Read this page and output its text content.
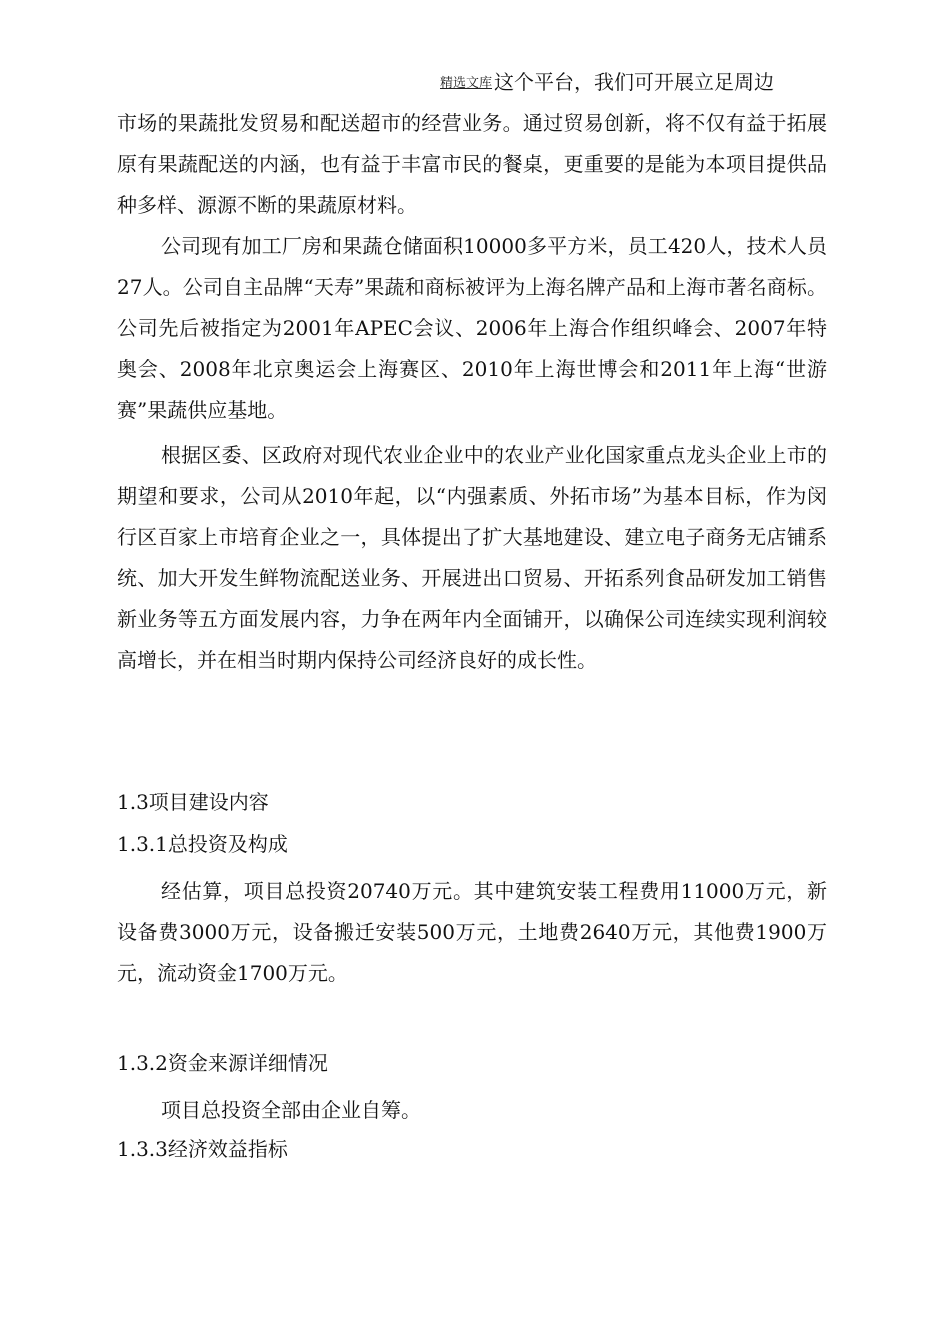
精选文库 这个平台，我们可开展立足周边

市场的果蔬批发贸易和配送超市的经营业务。通过贸易创新，将不仅有益于拓展原有果蔬配送的内涵，也有益于丰富市民的餐桌，更重要的是能为本项目提供品种多样、源源不断的果蔬原材料。

公司现有加工厂房和果蔬仓储面积10000多平方米，员工420人，技术人员27人。公司自主品牌“天寿”果蔬和商标被评为上海名牌产品和上海市著名商标。公司先后被指定为2001年APEC会议、2006年上海合作组织峰会、2007年特奥会、2008年北京奥运会上海赛区、2010年上海世博会和2011年上海“世游赛”果蔬供应基地。

根据区委、区政府对现代农业企业中的农业产业化国家重点龙头企业上市的期望和要求，公司从2010年起，以“内强素质、外拓市场”为基本目标，作为闵行区百家上市培育企业之一，具体提出了扩大基地建设、建立电子商务无店铺系统、加大开发生鲜物流配送业务、开展进出口贸易、开拓系列食品研发加工销售新业务等五方面发展内容，力争在两年内全面铺开，以确保公司连续实现利润较高增长，并在相当时期内保持公司经济良好的成长性。

1.3项目建设内容
1.3.1总投资及构成

经估算，项目总投资20740万元。其中建筑安装工程费用11000万元，新设备费3000万元，设备搬迁安装500万元，土地费2640万元，其他费1900万元，流动资金1700万元。

1.3.2资金来源详细情况

项目总投资全部由企业自筹。

1.3.3经济效益指标
